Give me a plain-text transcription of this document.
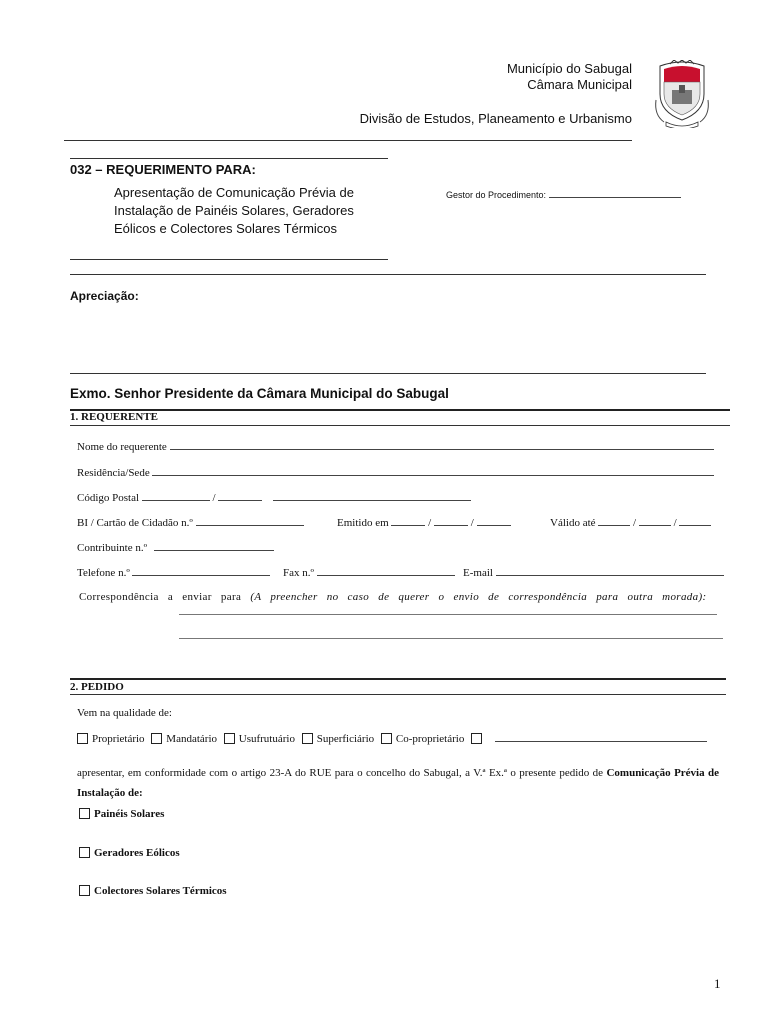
Município do Sabugal
Câmara Municipal
Divisão de Estudos, Planeamento e Urbanismo
032 – REQUERIMENTO PARA:
Apresentação de Comunicação Prévia de
Instalação de Painéis Solares, Geradores
Eólicos e Colectores Solares Térmicos
Gestor do Procedimento:
Apreciação:
Exmo. Senhor Presidente da Câmara Municipal do Sabugal
1. REQUERENTE
Nome do requerente
Residência/Sede
Código Postal	/
BI / Cartão de Cidadão n.º	Emitido em	/	/	Válido até	/	/
Contribuinte n.º
Telefone n.º	Fax n.º	E-mail
Correspondência a enviar para (A preencher no caso de querer o envio de correspondência para outra morada):
2. PEDIDO
Vem na qualidade de:
Proprietário Mandatário Usufrutuário Superficiário Co-proprietário
apresentar, em conformidade com o artigo 23-A do RUE para o concelho do Sabugal, a V.ª Ex.ª o presente pedido de Comunicação Prévia de Instalação de:
Painéis Solares
Geradores Eólicos
Colectores Solares Térmicos
1
